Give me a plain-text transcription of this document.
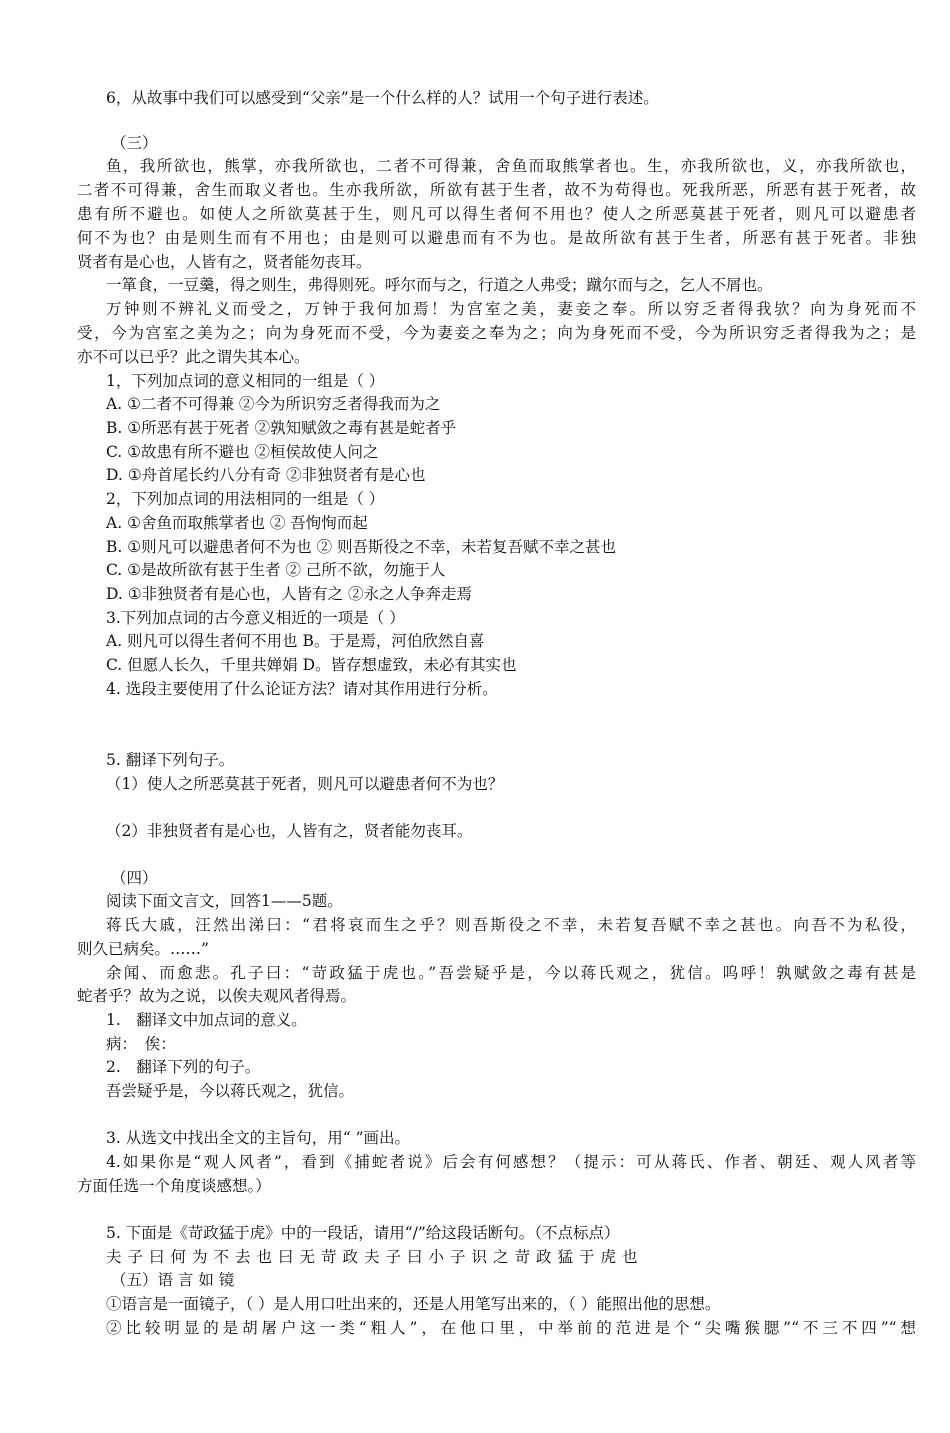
6，从故事中我们可以感受到“父亲”是一个什么样的人？试用一个句子进行表述。
（三）
鱼，我所欲也，熊掌，亦我所欲也，二者不可得兼，舍鱼而取熊掌者也。生，亦我所欲也，义，亦我所欲也，
二者不可得兼，舍生而取义者也。生亦我所欲，所欲有甚于生者，故不为苟得也。死我所恶，所恶有甚于死者，故
患有所不避也。如使人之所欲莫甚于生，则凡可以得生者何不用也？使人之所恶莫甚于死者，则凡可以避患者
何不为也？由是则生而有不用也；由是则可以避患而有不为也。是故所欲有甚于生者，所恶有甚于死者。非独
贤者有是心也，人皆有之，贤者能勿丧耳。
一箪食，一豆羹，得之则生，弗得则死。呼尔而与之，行道之人弗受；蹴尔而与之，乞人不屑也。
万钟则不辨礼义而受之，万钟于我何加焉！为宫室之美，妻妾之奉。所以穷乏者得我欤？向为身死而不
受，今为宫室之美为之；向为身死而不受，今为妻妾之奉为之；向为身死而不受，今为所识穷乏者得我为之；是
亦不可以已乎？此之谓失其本心。
1，下列加点词的意义相同的一组是（ ）
A. ①二者不可得兼 ②今为所识穷乏者得我而为之
B. ①所恶有甚于死者 ②孰知赋敛之毒有甚是蛇者乎
C. ①故患有所不避也 ②桓侯故使人问之
D. ①舟首尾长约八分有奇 ②非独贤者有是心也
2，下列加点词的用法相同的一组是（ ）
A. ①舍鱼而取熊掌者也 ② 吾恂恂而起
B. ①则凡可以避患者何不为也 ② 则吾斯役之不幸，未若复吾赋不幸之甚也
C. ①是故所欲有甚于生者 ② 己所不欲，勿施于人
D. ①非独贤者有是心也，人皆有之 ②永之人争奔走焉
3.下列加点词的古今意义相近的一项是（ ）
A. 则凡可以得生者何不用也 B。于是焉，河伯欣然自喜
C. 但愿人长久，千里共婵娟 D。皆存想虚致，未必有其实也
4. 选段主要使用了什么论证方法？请对其作用进行分析。
5. 翻译下列句子。
（1）使人之所恶莫甚于死者，则凡可以避患者何不为也？
（2）非独贤者有是心也，人皆有之，贤者能勿丧耳。
（四）
阅读下面文言文，回答1——5题。
蒋氏大戚，汪然出涕曰：“君将哀而生之乎？则吾斯役之不幸，未若复吾赋不幸之甚也。向吾不为私役，
则久已病矣。……”
余闻、而愈悲。孔子曰：“苛政猛于虎也。”吾尝疑乎是，今以蒋氏观之，犹信。呜呼！孰赋敛之毒有甚是
蛇者乎？故为之说，以俟夫观风者得焉。
1.　翻译文中加点词的意义。
病：　俟：
2.　翻译下列的句子。
吾尝疑乎是，今以蒋氏观之，犹信。
3. 从选文中找出全文的主旨句，用“ ”画出。
4.如果你是“观人风者”，看到《捕蛇者说》后会有何感想？（提示：可从蒋氏、作者、朝廷、观人风者等
方面任选一个角度谈感想。）
5. 下面是《苛政猛于虎》中的一段话，请用“/”给这段话断句。（不点标点）
夫子曰何为不去也曰无苛政夫子曰小子识之苛政猛于虎也
（五）语 言 如 镜
①语言是一面镜子，（ ）是人用口吐出来的，还是人用笔写出来的，（ ）能照出他的思想。
②比较明显的是胡屠户这一类“粗人”，在他口里，中举前的范进是个“尖嘴猴腮”“不三不四”“想
